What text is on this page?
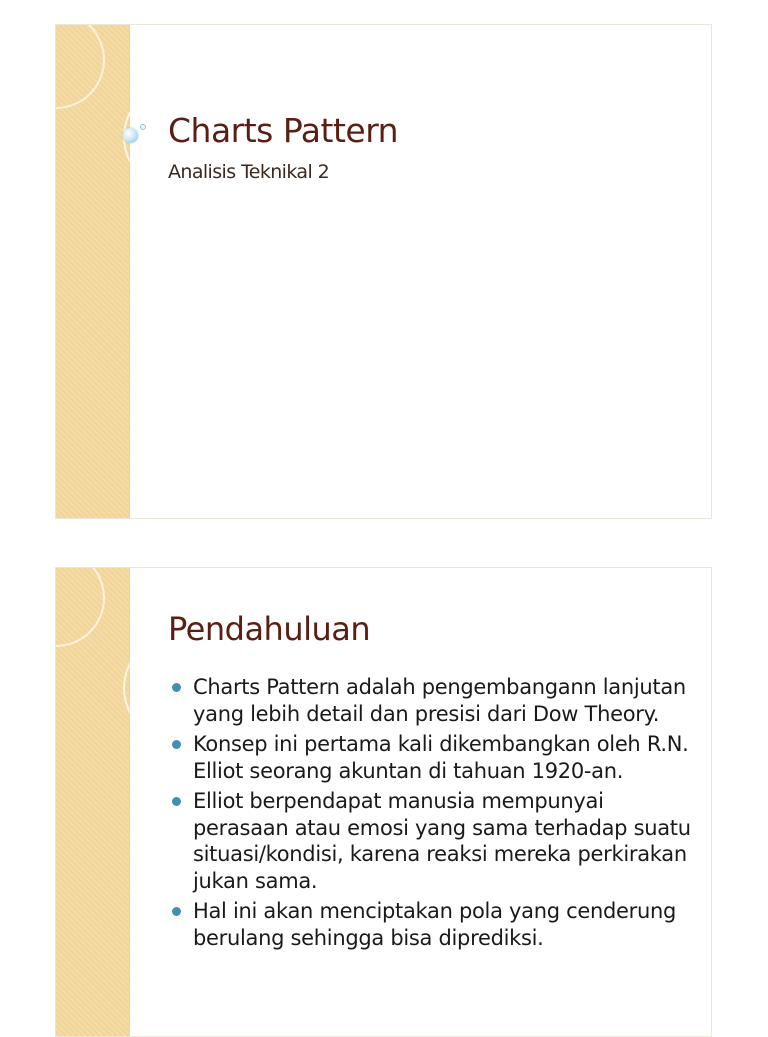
Charts Pattern
Analisis Teknikal 2
Pendahuluan
Charts Pattern adalah pengembangann lanjutan yang lebih detail dan presisi dari Dow Theory.
Konsep ini pertama kali dikembangkan oleh R.N. Elliot seorang akuntan di tahuan 1920-an.
Elliot berpendapat manusia mempunyai perasaan atau emosi yang sama terhadap suatu situasi/kondisi, karena reaksi mereka perkirakan jukan sama.
Hal ini akan menciptakan pola yang cenderung berulang sehingga bisa diprediksi.
